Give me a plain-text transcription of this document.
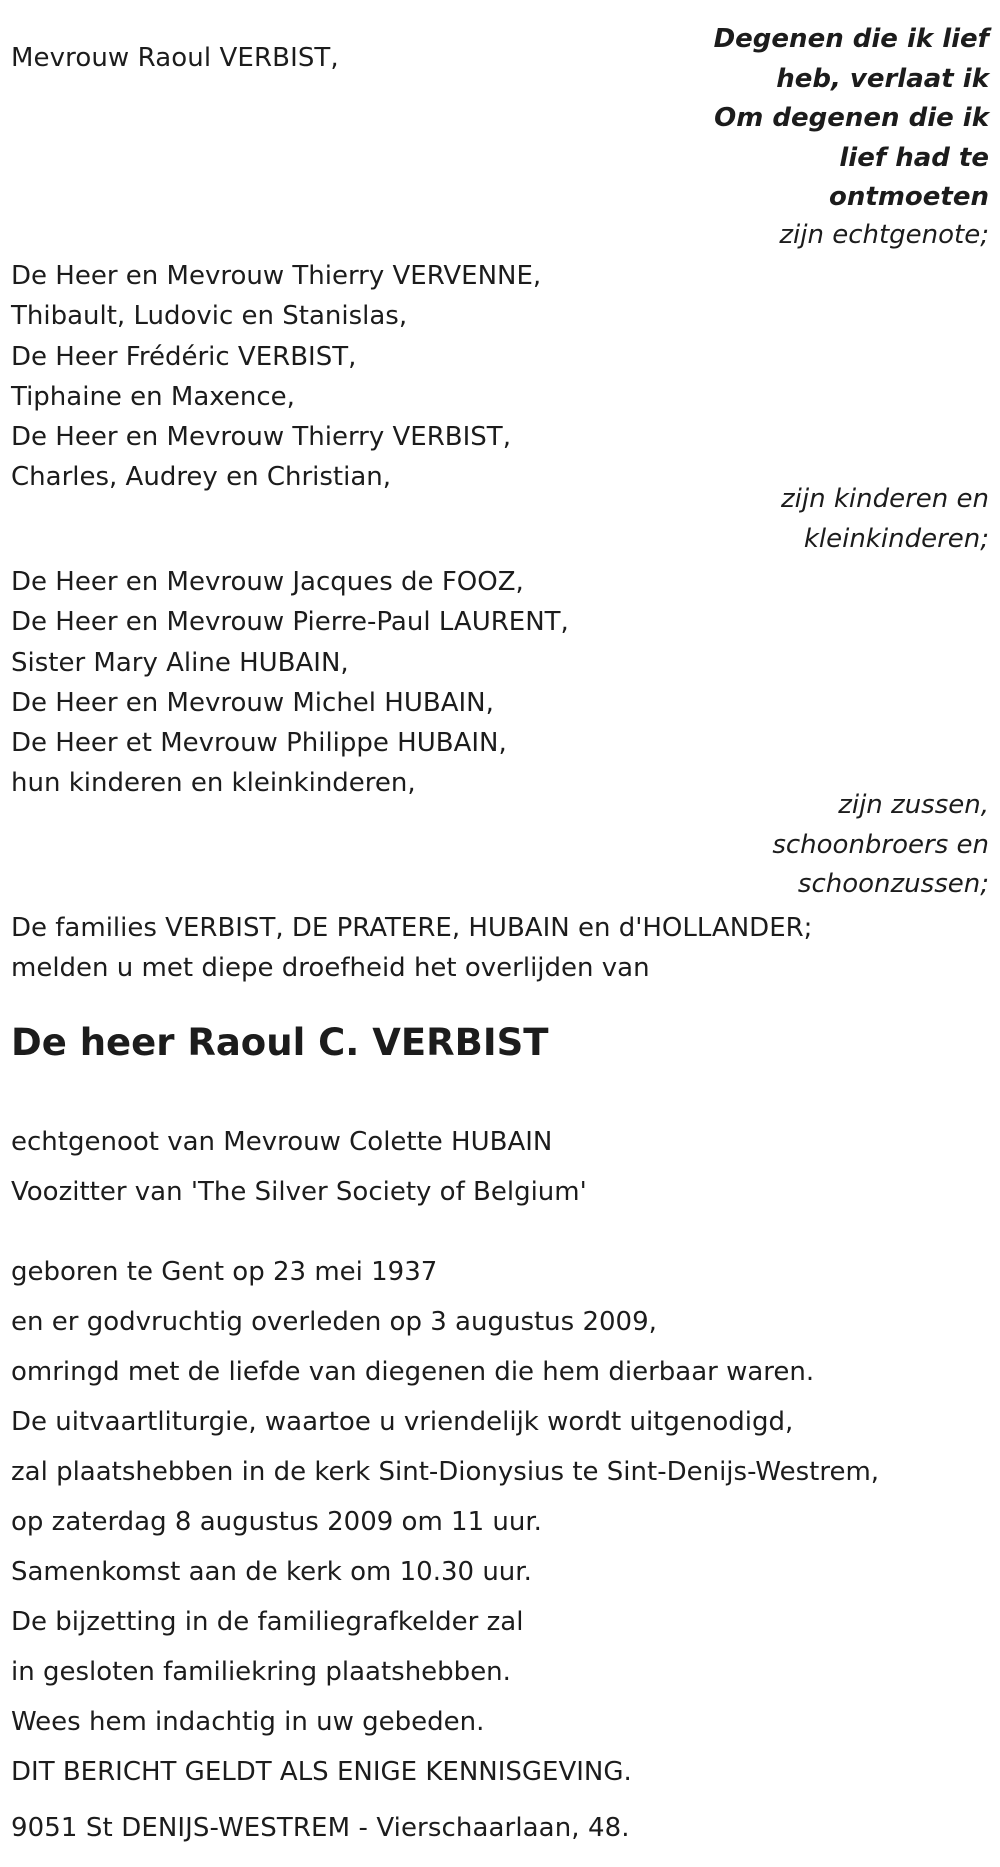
Mevrouw Raoul VERBIST,
Degenen die ik lief
heb, verlaat ik
Om degenen die ik
lief had te
ontmoeten
zijn echtgenote;
De Heer en Mevrouw Thierry VERVENNE,
Thibault, Ludovic en Stanislas,
De Heer Frédéric VERBIST,
Tiphaine en Maxence,
De Heer en Mevrouw Thierry VERBIST,
Charles, Audrey en Christian,
zijn kinderen en
kleinkinderen;
De Heer en Mevrouw Jacques de FOOZ,
De Heer en Mevrouw Pierre-Paul LAURENT,
Sister Mary Aline HUBAIN,
De Heer en Mevrouw Michel HUBAIN,
De Heer et Mevrouw Philippe HUBAIN,
hun kinderen en kleinkinderen,
zijn zussen,
schoonbroers en
schoonzussen;
De families VERBIST, DE PRATERE, HUBAIN en d'HOLLANDER;
melden u met diepe droefheid het overlijden van
De heer Raoul C. VERBIST
echtgenoot van Mevrouw Colette HUBAIN
Voozitter van 'The Silver Society of Belgium'
geboren te Gent op 23 mei 1937
en er godvruchtig overleden op 3 augustus 2009,
omringd met de liefde van diegenen die hem dierbaar waren.
De uitvaartliturgie, waartoe u vriendelijk wordt uitgenodigd,
zal plaatshebben in de kerk Sint-Dionysius te Sint-Denijs-Westrem,
op zaterdag 8 augustus 2009 om 11 uur.
Samenkomst aan de kerk om 10.30 uur.
De bijzetting in de familiegrafkelder zal
in gesloten familiekring plaatshebben.
Wees hem indachtig in uw gebeden.
DIT BERICHT GELDT ALS ENIGE KENNISGEVING.
9051 St DENIJS-WESTREM - Vierschaarlaan, 48.
